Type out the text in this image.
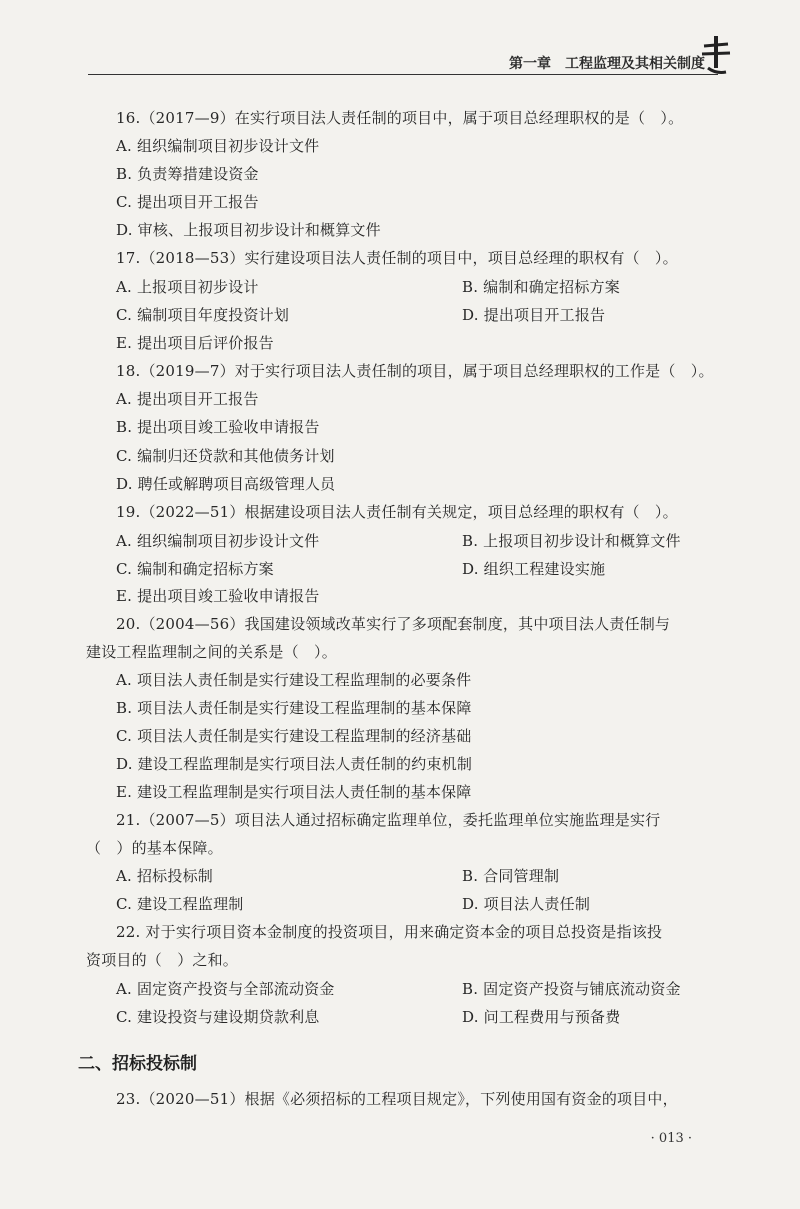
第一章　工程监理及其相关制度
16.（2017—9）在实行项目法人责任制的项目中，属于项目总经理职权的是（　）。
A. 组织编制项目初步设计文件
B. 负责筹措建设资金
C. 提出项目开工报告
D. 审核、上报项目初步设计和概算文件
17.（2018—53）实行建设项目法人责任制的项目中，项目总经理的职权有（　）。
A. 上报项目初步设计	B. 编制和确定招标方案
C. 编制项目年度投资计划	D. 提出项目开工报告
E. 提出项目后评价报告
18.（2019—7）对于实行项目法人责任制的项目，属于项目总经理职权的工作是（　）。
A. 提出项目开工报告
B. 提出项目竣工验收申请报告
C. 编制归还贷款和其他债务计划
D. 聘任或解聘项目高级管理人员
19.（2022—51）根据建设项目法人责任制有关规定，项目总经理的职权有（　）。
A. 组织编制项目初步设计文件	B. 上报项目初步设计和概算文件
C. 编制和确定招标方案	D. 组织工程建设实施
E. 提出项目竣工验收申请报告
20.（2004—56）我国建设领域改革实行了多项配套制度，其中项目法人责任制与
建设工程监理制之间的关系是（　）。
A. 项目法人责任制是实行建设工程监理制的必要条件
B. 项目法人责任制是实行建设工程监理制的基本保障
C. 项目法人责任制是实行建设工程监理制的经济基础
D. 建设工程监理制是实行项目法人责任制的约束机制
E. 建设工程监理制是实行项目法人责任制的基本保障
21.（2007—5）项目法人通过招标确定监理单位，委托监理单位实施监理是实行
（　）的基本保障。
A. 招标投标制	B. 合同管理制
C. 建设工程监理制	D. 项目法人责任制
22. 对于实行项目资本金制度的投资项目，用来确定资本金的项目总投资是指该投
资项目的（　）之和。
A. 固定资产投资与全部流动资金	B. 固定资产投资与铺底流动资金
C. 建设投资与建设期贷款利息	D. 问工程费用与预备费
二、招标投标制
23.（2020—51）根据《必须招标的工程项目规定》，下列使用国有资金的项目中，
· 013 ·
